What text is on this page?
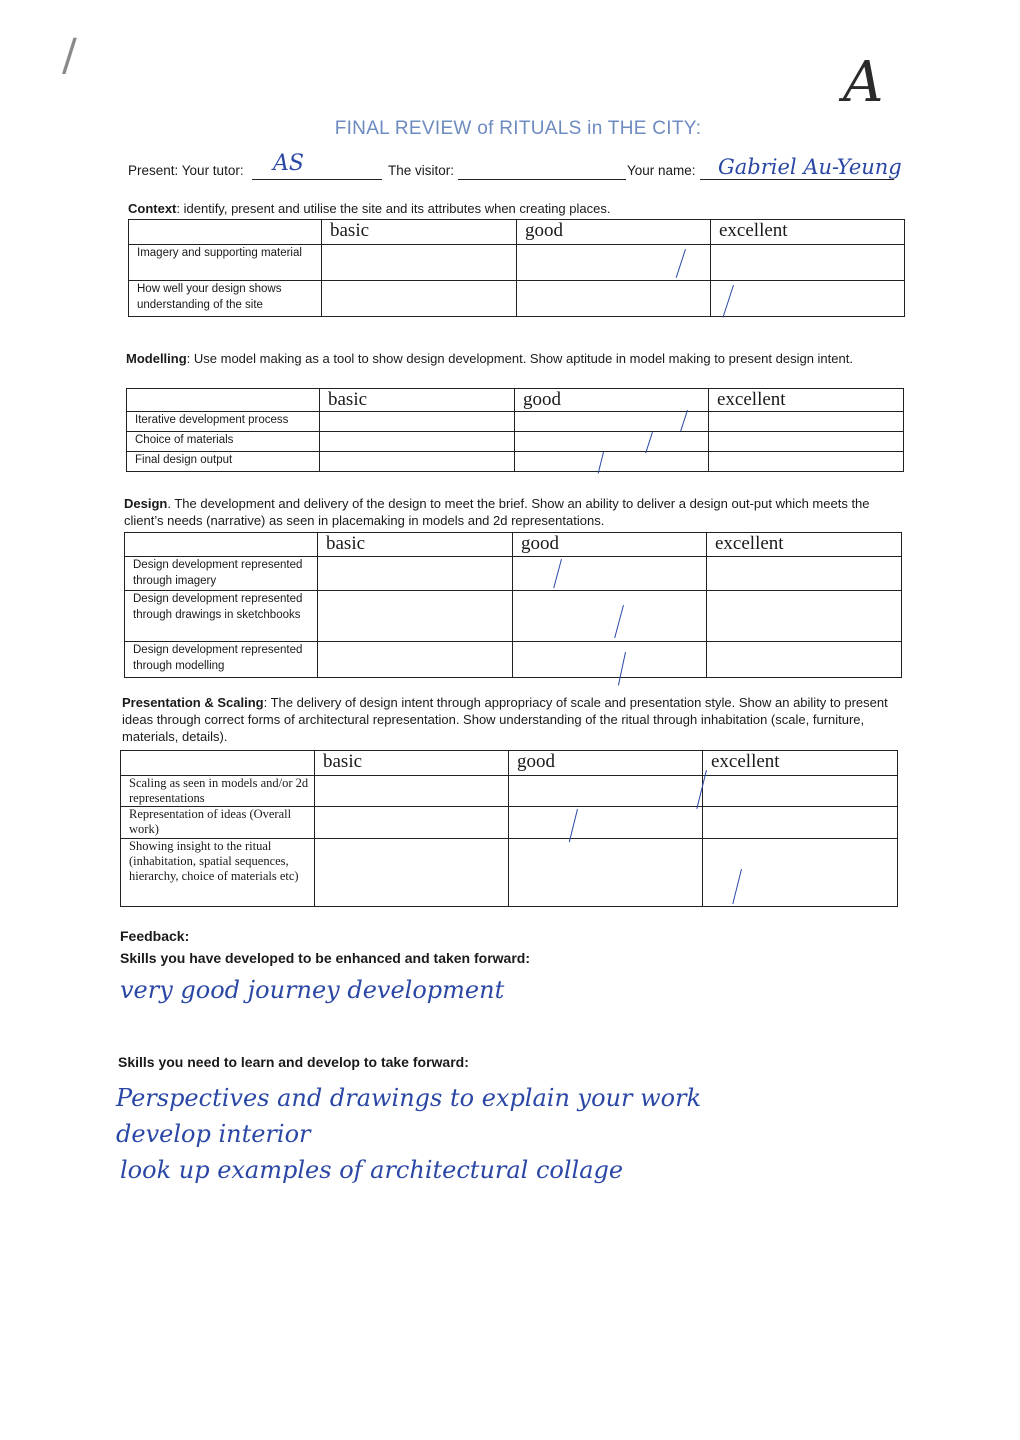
/	A
FINAL REVIEW of RITUALS in THE CITY:
Present: Your tutor: AS	The visitor:	Your name: Gabriel Au-Yeung
Context: identify, present and utilise the site and its attributes when creating places.
	basic	good	excellent
Imagery and supporting material		

How well your design shows understanding of the site			
Modelling: Use model making as a tool to show design development. Show aptitude in model making to present design intent.
	basic	good	excellent
Iterative development process		

Choice of materials		

Final design output		

Design. The development and delivery of the design to meet the brief. Show an ability to deliver a design out-put which meets the client’s needs (narrative) as seen in placemaking in models and 2d representations.
	basic	good	excellent
Design development represented through imagery		

Design development represented through drawings in sketchbooks		

Design development represented through modelling		

Presentation & Scaling: The delivery of design intent through appropriacy of scale and presentation style. Show an ability to present ideas through correct forms of architectural representation. Show understanding of the ritual through inhabitation (scale, furniture, materials, details).
	basic	good	excellent
Scaling as seen in models and/or 2d representations			

Representation of ideas (Overall work)		

Showing insight to the ritual (inhabitation, spatial sequences, hierarchy, choice of materials etc)			
Feedback:
Skills you have developed to be enhanced and taken forward:
very good journey development
Skills you need to learn and develop to take forward:
Perspectives and drawings to explain your work
develop interior
look up examples of architectural collage
